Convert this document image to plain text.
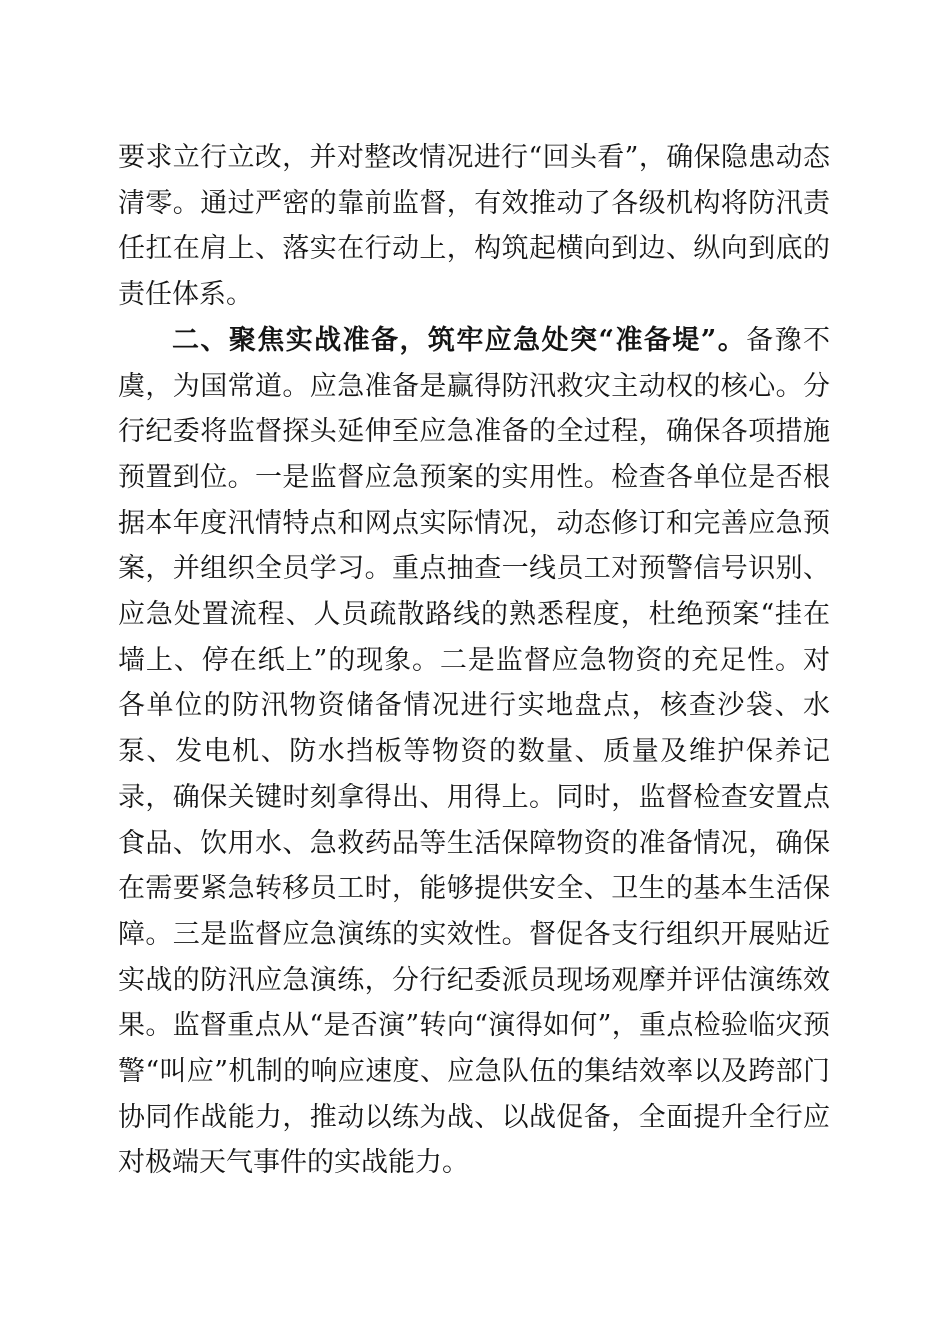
要求立行立改，并对整改情况进行“回头看”，确保隐患动态清零。通过严密的靠前监督，有效推动了各级机构将防汛责任扛在肩上、落实在行动上，构筑起横向到边、纵向到底的责任体系。

二、聚焦实战准备，筑牢应急处突“准备堤”。备豫不虞，为国常道。应急准备是赢得防汛救灾主动权的核心。分行纪委将监督探头延伸至应急准备的全过程，确保各项措施预置到位。一是监督应急预案的实用性。检查各单位是否根据本年度汛情特点和网点实际情况，动态修订和完善应急预案，并组织全员学习。重点抽查一线员工对预警信号识别、应急处置流程、人员疏散路线的熟悉程度，杜绝预案“挂在墙上、停在纸上”的现象。二是监督应急物资的充足性。对各单位的防汛物资储备情况进行实地盘点，核查沙袋、水泵、发电机、防水挡板等物资的数量、质量及维护保养记录，确保关键时刻拿得出、用得上。同时，监督检查安置点食品、饮用水、急救药品等生活保障物资的准备情况，确保在需要紧急转移员工时，能够提供安全、卫生的基本生活保障。三是监督应急演练的实效性。督促各支行组织开展贴近实战的防汛应急演练，分行纪委派员现场观摩并评估演练效果。监督重点从“是否演”转向“演得如何”，重点检验临灾预警“叫应”机制的响应速度、应急队伍的集结效率以及跨部门协同作战能力，推动以练为战、以战促备，全面提升全行应对极端天气事件的实战能力。
